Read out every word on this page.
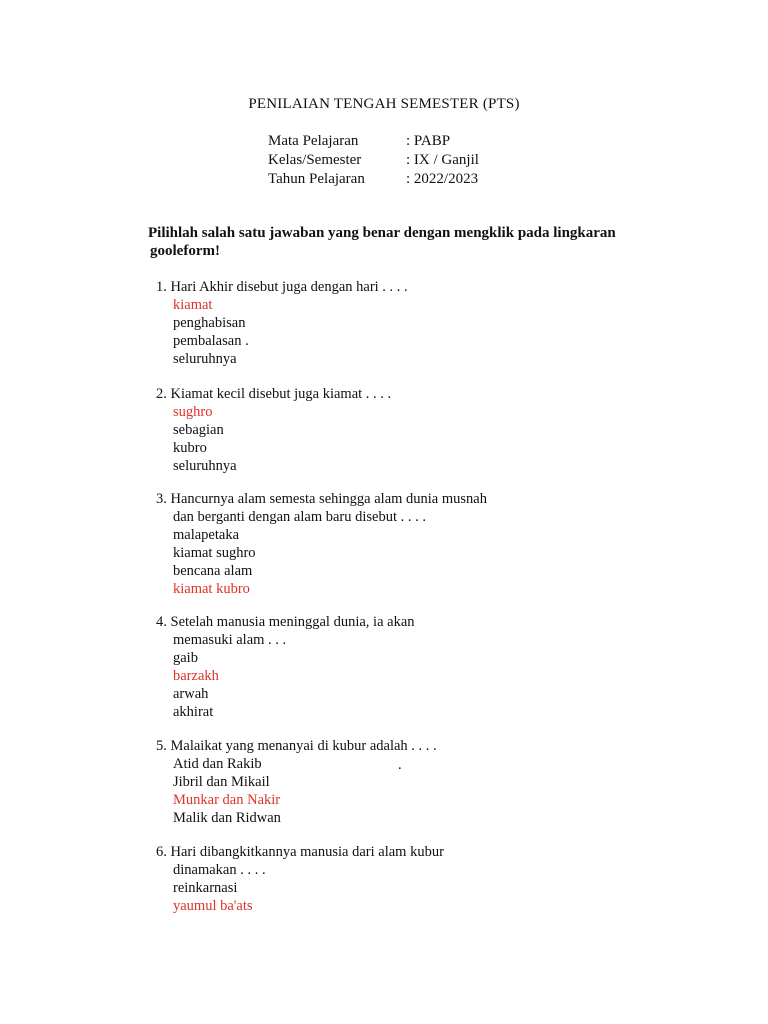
PENILAIAN TENGAH SEMESTER (PTS)
Mata Pelajaran	: PABP
Kelas/Semester	: IX / Ganjil
Tahun Pelajaran	: 2022/2023
Pilihlah salah satu jawaban yang benar dengan mengklik pada lingkaran
gooleform!
1. Hari Akhir disebut juga dengan hari . . . .
kiamat
penghabisan
pembalasan .
seluruhnya
2. Kiamat kecil disebut juga kiamat . . . .
sughro
sebagian
kubro
seluruhnya
3. Hancurnya alam semesta sehingga alam dunia musnah
dan berganti dengan alam baru disebut . . . .
malapetaka
kiamat sughro
bencana alam
kiamat kubro
4. Setelah manusia meninggal dunia, ia akan
memasuki alam . . .
gaib
barzakh
arwah
akhirat
5. Malaikat yang menanyai di kubur adalah . . . .
Atid dan Rakib
Jibril dan Mikail
Munkar dan Nakir
Malik dan Ridwan
.
6. Hari dibangkitkannya manusia dari alam kubur
dinamakan . . . .
reinkarnasi
yaumul ba'ats
